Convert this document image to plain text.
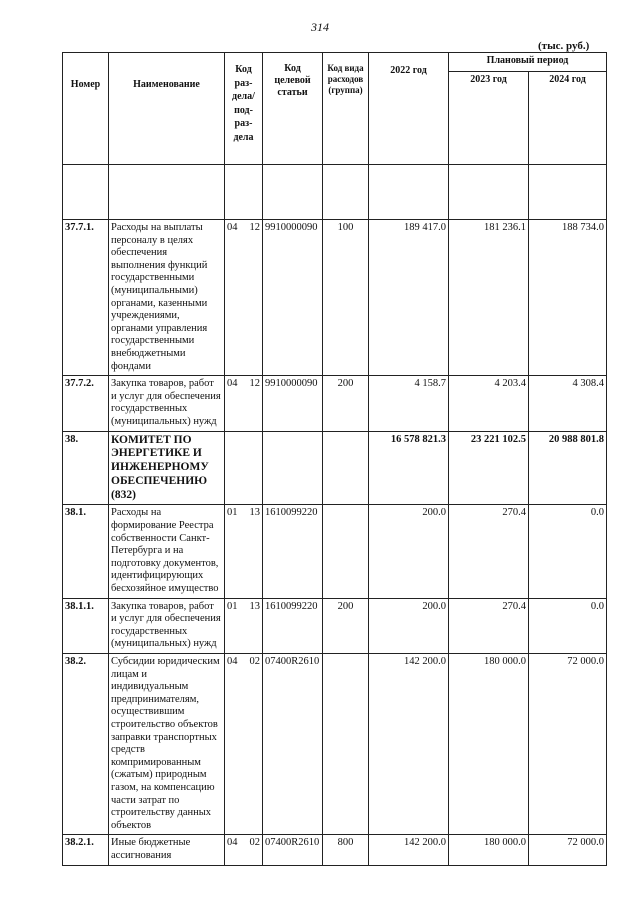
314
(тыс. руб.)
Номер	Наименование	Код раз- дела/ под- раз- дела	Код целевой статьи	Код вида расходов (группа)	2022 год	Плановый период	
						2023 год	2024 год

37.7.1.	Расходы на выплаты персоналу в целях обеспечения выполнения функций государственными (муниципальными) органами, казенными учреждениями, органами управления государственными внебюджетными фондами	04 12	9910000090	100	189 417.0	181 236.1	188 734.0
37.7.2.	Закупка товаров, работ и услуг для обеспечения государственных (муниципальных) нужд	04 12	9910000090	200	4 158.7	4 203.4	4 308.4
38.	КОМИТЕТ ПО ЭНЕРГЕТИКЕ И ИНЖЕНЕРНОМУ ОБЕСПЕЧЕНИЮ (832)				16 578 821.3	23 221 102.5	20 988 801.8
38.1.	Расходы на формирование Реестра собственности Санкт-Петербурга и на подготовку документов, идентифицирующих бесхозяйное имущество	01 13	1610099220		200.0	270.4	0.0
38.1.1.	Закупка товаров, работ и услуг для обеспечения государственных (муниципальных) нужд	01 13	1610099220	200	200.0	270.4	0.0
38.2.	Субсидии юридическим лицам и индивидуальным предпринимателям, осуществившим строительство объектов заправки транспортных средств компримированным (сжатым) природным газом, на компенсацию части затрат по строительству данных объектов	04 02	07400R2610		142 200.0	180 000.0	72 000.0
38.2.1.	Иные бюджетные ассигнования	04 02	07400R2610	800	142 200.0	180 000.0	72 000.0
